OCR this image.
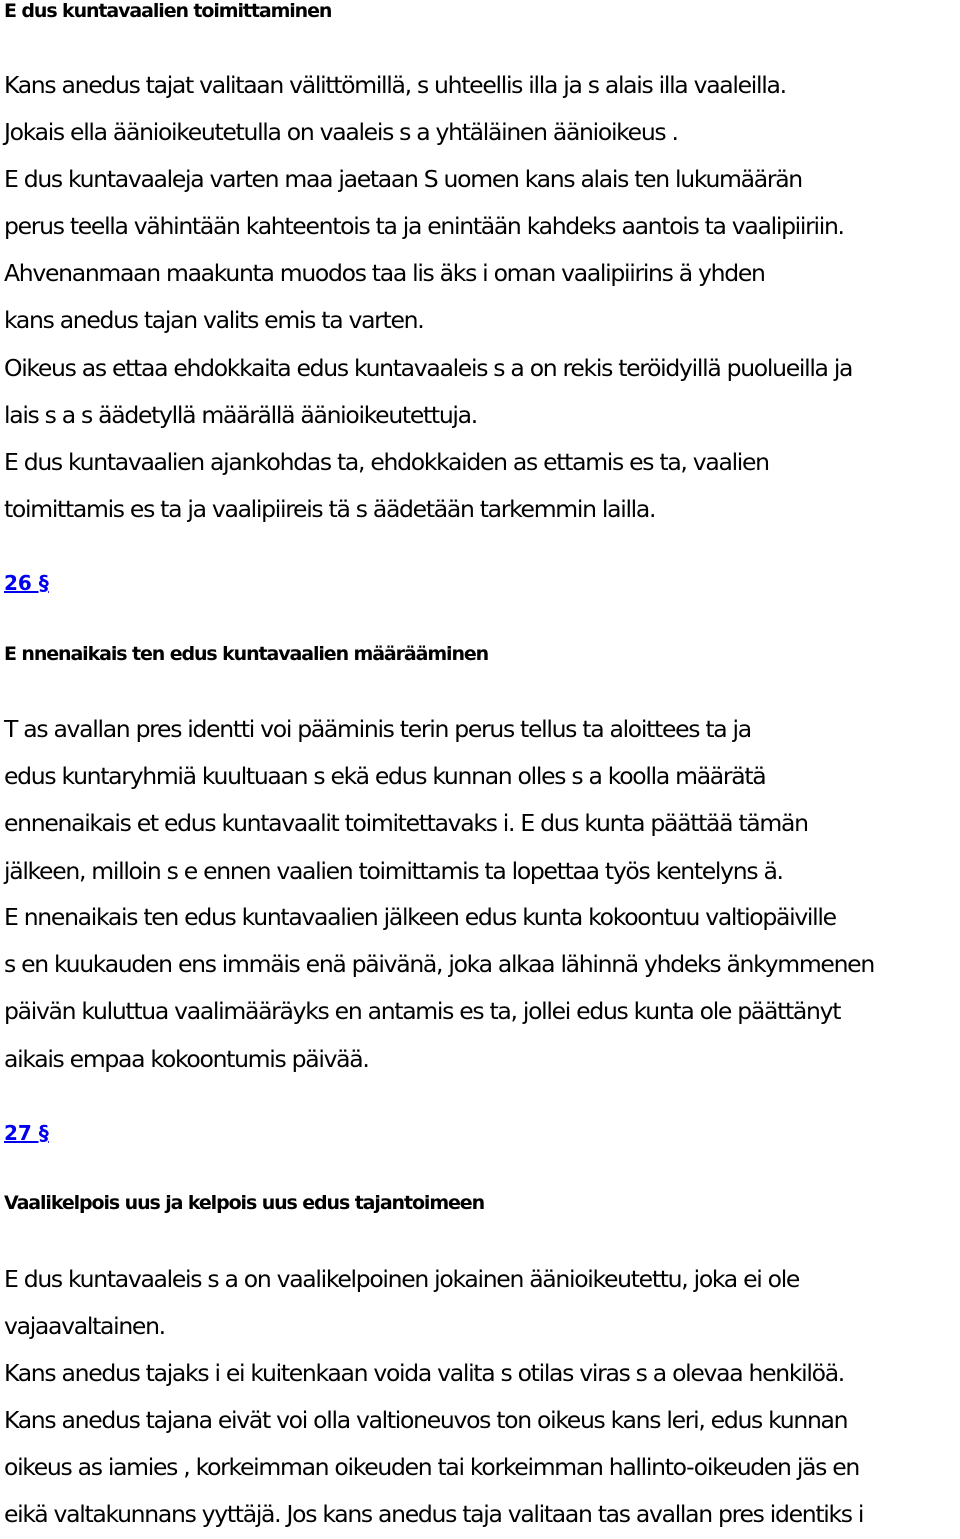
E dus kuntavaalien toimittaminen

Kans anedus tajat valitaan välittömillä, s uhteellis illa ja s alais illa vaaleilla.

Jokais ella äänioikeutetulla on vaaleis s a yhtäläinen äänioikeus .

E dus kuntavaaleja varten maa jaetaan S uomen kans alais ten lukumäärän
perus teella vähintään kahteentois ta ja enintään kahdeks aantois ta vaalipiiriin.

Ahvenanmaan maakunta muodos taa lis äks i oman vaalipiirins ä yhden
kans anedus tajan valits emis ta varten.

Oikeus as ettaa ehdokkaita edus kuntavaaleis s a on rekis teröidyillä puolueilla ja
lais s a s äädetyllä määrällä äänioikeutettuja.

E dus kuntavaalien ajankohdas ta, ehdokkaiden as ettamis es ta, vaalien
toimittamis es ta ja vaalipiireis tä s äädetään tarkemmin lailla.

26 §
E nnenaikais ten edus kuntavaalien määrääminen

T as avallan pres identti voi pääminis terin perus tellus ta aloittees ta ja
edus kuntaryhmiä kuultuaan s ekä edus kunnan olles s a koolla määrätä
ennenaikais et edus kuntavaalit toimitettavaks i. E dus kunta päättää tämän
jälkeen, milloin s e ennen vaalien toimittamis ta lopettaa työs kentelyns ä.

E nnenaikais ten edus kuntavaalien jälkeen edus kunta kokoontuu valtiopäiville
s en kuukauden ens immäis enä päivänä, joka alkaa lähinnä yhdeks änkymmenen
päivän kuluttua vaalimääräyks en antamis es ta, jollei edus kunta ole päättänyt
aikais empaa kokoontumis päivää.

27 §
Vaalikelpois uus ja kelpois uus edus tajantoimeen

E dus kuntavaaleis s a on vaalikelpoinen jokainen äänioikeutettu, joka ei ole
vajaavaltainen.

Kans anedus tajaks i ei kuitenkaan voida valita s otilas viras s a olevaa henkilöä.

Kans anedus tajana eivät voi olla valtioneuvos ton oikeus kans leri, edus kunnan
oikeus as iamies , korkeimman oikeuden tai korkeimman hallinto-oikeuden jäs en
eikä valtakunnans yyttäjä. Jos kans anedus taja valitaan tas avallan pres identiks i
